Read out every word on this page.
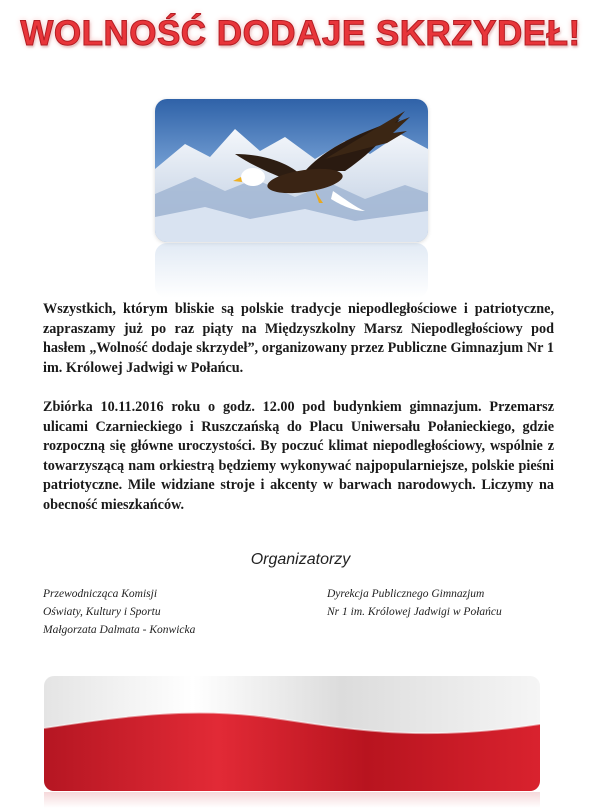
WOLNOŚĆ DODAJE SKRZYDEŁ!

Wszystkich, którym bliskie są polskie tradycje niepodległościowe i patriotyczne, zapraszamy już po raz piąty na Międzyszkolny Marsz Niepodległościowy pod hasłem „Wolność dodaje skrzydeł”, organizowany przez Publiczne Gimnazjum Nr 1 im. Królowej Jadwigi w Połańcu.

Zbiórka 10.11.2016 roku o godz. 12.00 pod budynkiem gimnazjum. Przemarsz ulicami Czarnieckiego i Ruszczańską do Placu Uniwersału Połanieckiego, gdzie rozpoczną się główne uroczystości. By poczuć klimat niepodległościowy, wspólnie z towarzyszącą nam orkiestrą będziemy wykonywać najpopularniejsze, polskie pieśni patriotyczne. Mile widziane stroje i akcenty w barwach narodowych. Liczymy na obecność mieszkańców.

Organizatorzy
Przewodnicząca Komisji
Oświaty, Kultury i Sportu
Małgorzata Dalmata - Konwicka
Dyrekcja Publicznego Gimnazjum
Nr 1 im. Królowej Jadwigi w Połańcu
